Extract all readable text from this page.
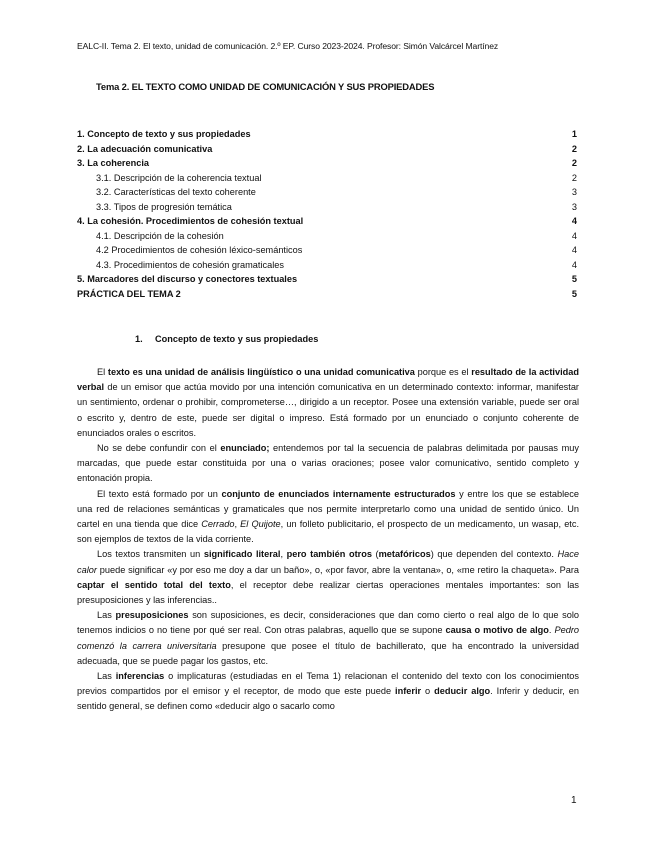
EALC-II. Tema 2. El texto, unidad de comunicación. 2.º EP. Curso 2023-2024. Profesor: Simón Valcárcel Martínez
Tema 2. EL TEXTO COMO UNIDAD DE COMUNICACIÓN Y SUS PROPIEDADES
1. Concepto de texto y sus propiedades	1
2. La adecuación comunicativa	2
3. La coherencia	2
3.1. Descripción de la coherencia textual	2
3.2. Características del texto coherente	3
3.3. Tipos de progresión temática	3
4. La cohesión. Procedimientos de cohesión textual	4
4.1. Descripción de la cohesión	4
4.2 Procedimientos de cohesión léxico-semánticos	4
4.3. Procedimientos de cohesión gramaticales	4
5. Marcadores del discurso y conectores textuales	5
PRÁCTICA DEL TEMA 2	5
1. Concepto de texto y sus propiedades

El texto es una unidad de análisis lingüístico o una unidad comunicativa porque es el resultado de la actividad verbal de un emisor que actúa movido por una intención comunicativa en un determinado contexto: informar, manifestar un sentimiento, ordenar o prohibir, comprometerse…, dirigido a un receptor. Posee una extensión variable, puede ser oral o escrito y, dentro de este, puede ser digital o impreso. Está formado por un enunciado o conjunto coherente de enunciados orales o escritos.

No se debe confundir con el enunciado; entendemos por tal la secuencia de palabras delimitada por pausas muy marcadas, que puede estar constituida por una o varias oraciones; posee valor comunicativo, sentido completo y entonación propia.

El texto está formado por un conjunto de enunciados internamente estructurados y entre los que se establece una red de relaciones semánticas y gramaticales que nos permite interpretarlo como una unidad de sentido único. Un cartel en una tienda que dice Cerrado, El Quijote, un folleto publicitario, el prospecto de un medicamento, un wasap, etc. son ejemplos de textos de la vida corriente.

Los textos transmiten un significado literal, pero también otros (metafóricos) que dependen del contexto. Hace calor puede significar «y por eso me doy a dar un baño», o, «por favor, abre la ventana», o, «me retiro la chaqueta». Para captar el sentido total del texto, el receptor debe realizar ciertas operaciones mentales importantes: son las presuposiciones y las inferencias..

Las presuposiciones son suposiciones, es decir, consideraciones que dan como cierto o real algo de lo que solo tenemos indicios o no tiene por qué ser real. Con otras palabras, aquello que se supone causa o motivo de algo. Pedro comenzó la carrera universitaria presupone que posee el título de bachillerato, que ha encontrado la universidad adecuada, que se puede pagar los gastos, etc.

Las inferencias o implicaturas (estudiadas en el Tema 1) relacionan el contenido del texto con los conocimientos previos compartidos por el emisor y el receptor, de modo que este puede inferir o deducir algo. Inferir y deducir, en sentido general, se definen como «deducir algo o sacarlo como

1
